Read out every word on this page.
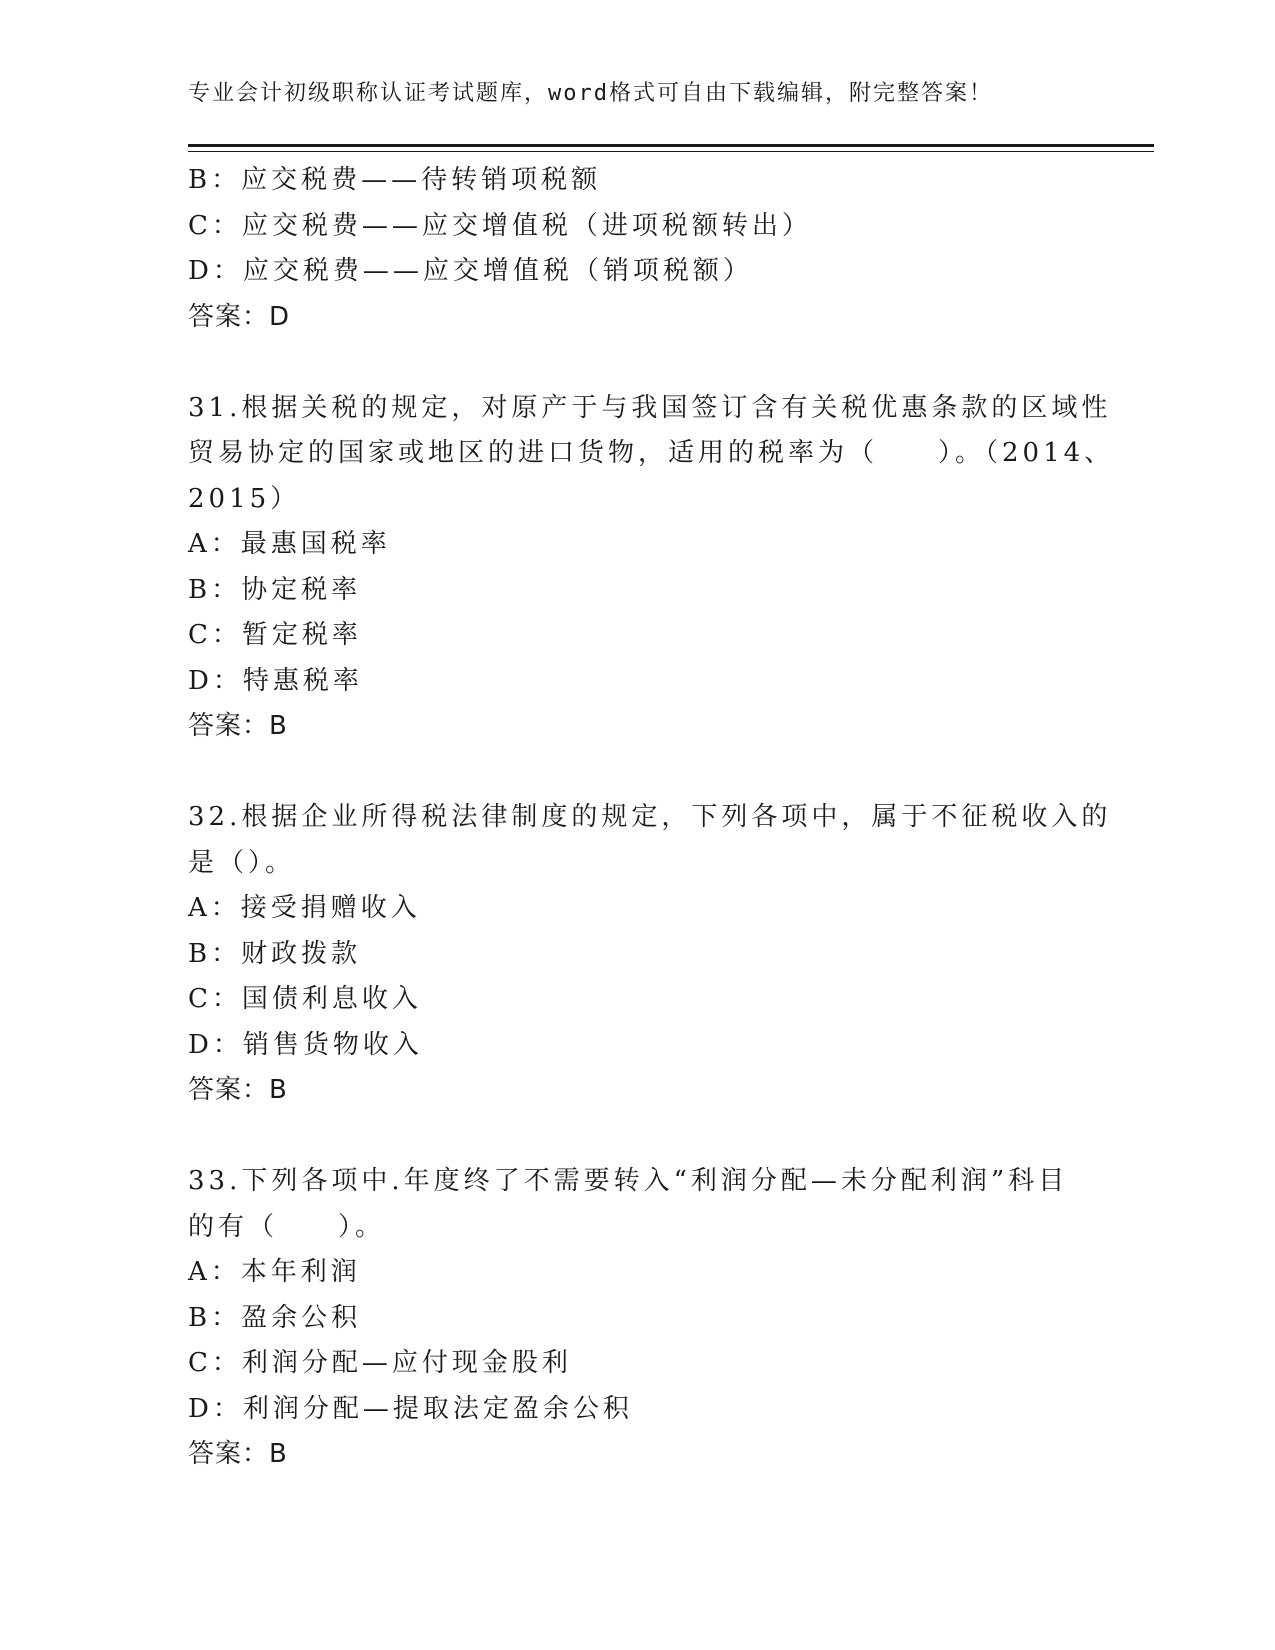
专业会计初级职称认证考试题库，word格式可自由下载编辑，附完整答案！
B：应交税费——待转销项税额
C：应交税费——应交增值税（进项税额转出）
D：应交税费——应交增值税（销项税额）
答案：D
31.根据关税的规定，对原产于与我国签订含有关税优惠条款的区域性
贸易协定的国家或地区的进口货物，适用的税率为（　　）。（2014、
2015）
A：最惠国税率
B：协定税率
C：暂定税率
D：特惠税率
答案：B
32.根据企业所得税法律制度的规定，下列各项中，属于不征税收入的
是（）。
A：接受捐赠收入
B：财政拨款
C：国债利息收入
D：销售货物收入
答案：B
33.下列各项中.年度终了不需要转入“利润分配—未分配利润”科目
的有（　　）。
A：本年利润
B：盈余公积
C：利润分配—应付现金股利
D：利润分配—提取法定盈余公积
答案：B
